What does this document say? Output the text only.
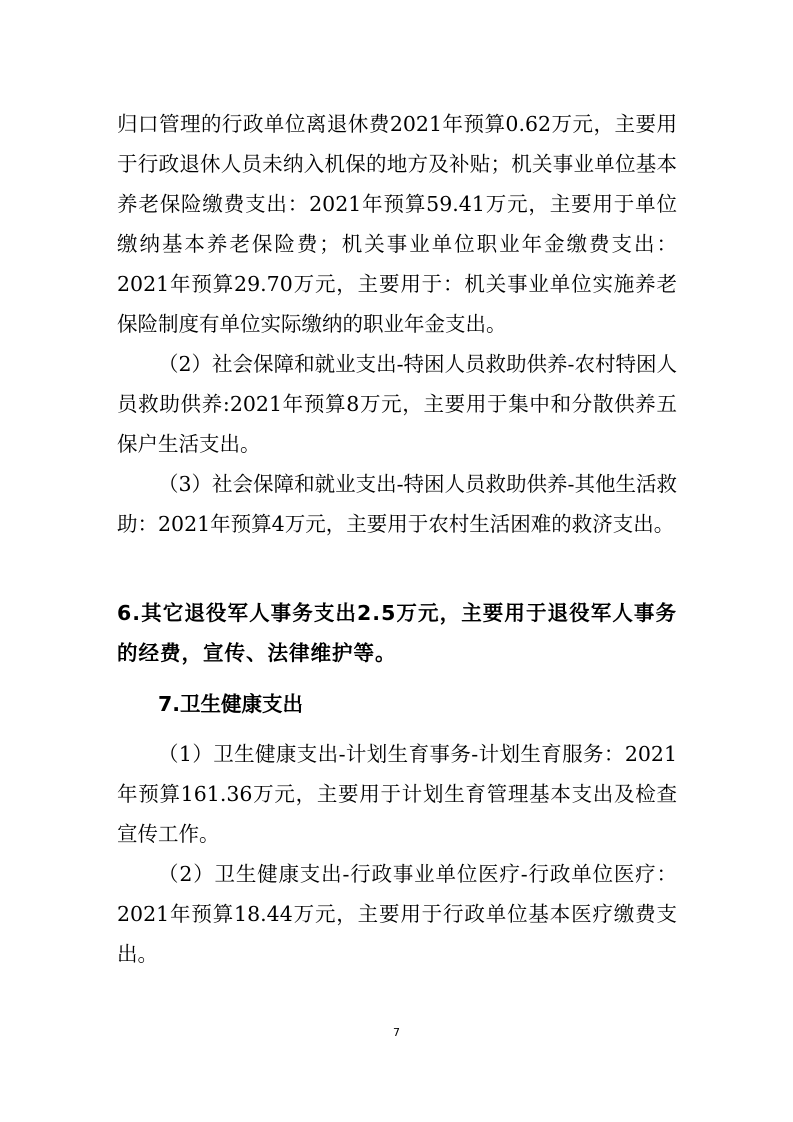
归口管理的行政单位离退休费2021年预算0.62万元，主要用于行政退休人员未纳入机保的地方及补贴；机关事业单位基本养老保险缴费支出：2021年预算59.41万元，主要用于单位缴纳基本养老保险费；机关事业单位职业年金缴费支出：2021年预算29.70万元，主要用于：机关事业单位实施养老保险制度有单位实际缴纳的职业年金支出。

（2）社会保障和就业支出-特困人员救助供养-农村特困人员救助供养:2021年预算8万元，主要用于集中和分散供养五保户生活支出。

（3）社会保障和就业支出-特困人员救助供养-其他生活救助：2021年预算4万元，主要用于农村生活困难的救济支出。

6.其它退役军人事务支出2.5万元，主要用于退役军人事务的经费，宣传、法律维护等。

7.卫生健康支出

（1）卫生健康支出-计划生育事务-计划生育服务：2021年预算161.36万元，主要用于计划生育管理基本支出及检查宣传工作。

（2）卫生健康支出-行政事业单位医疗-行政单位医疗：2021年预算18.44万元，主要用于行政单位基本医疗缴费支出。

7
